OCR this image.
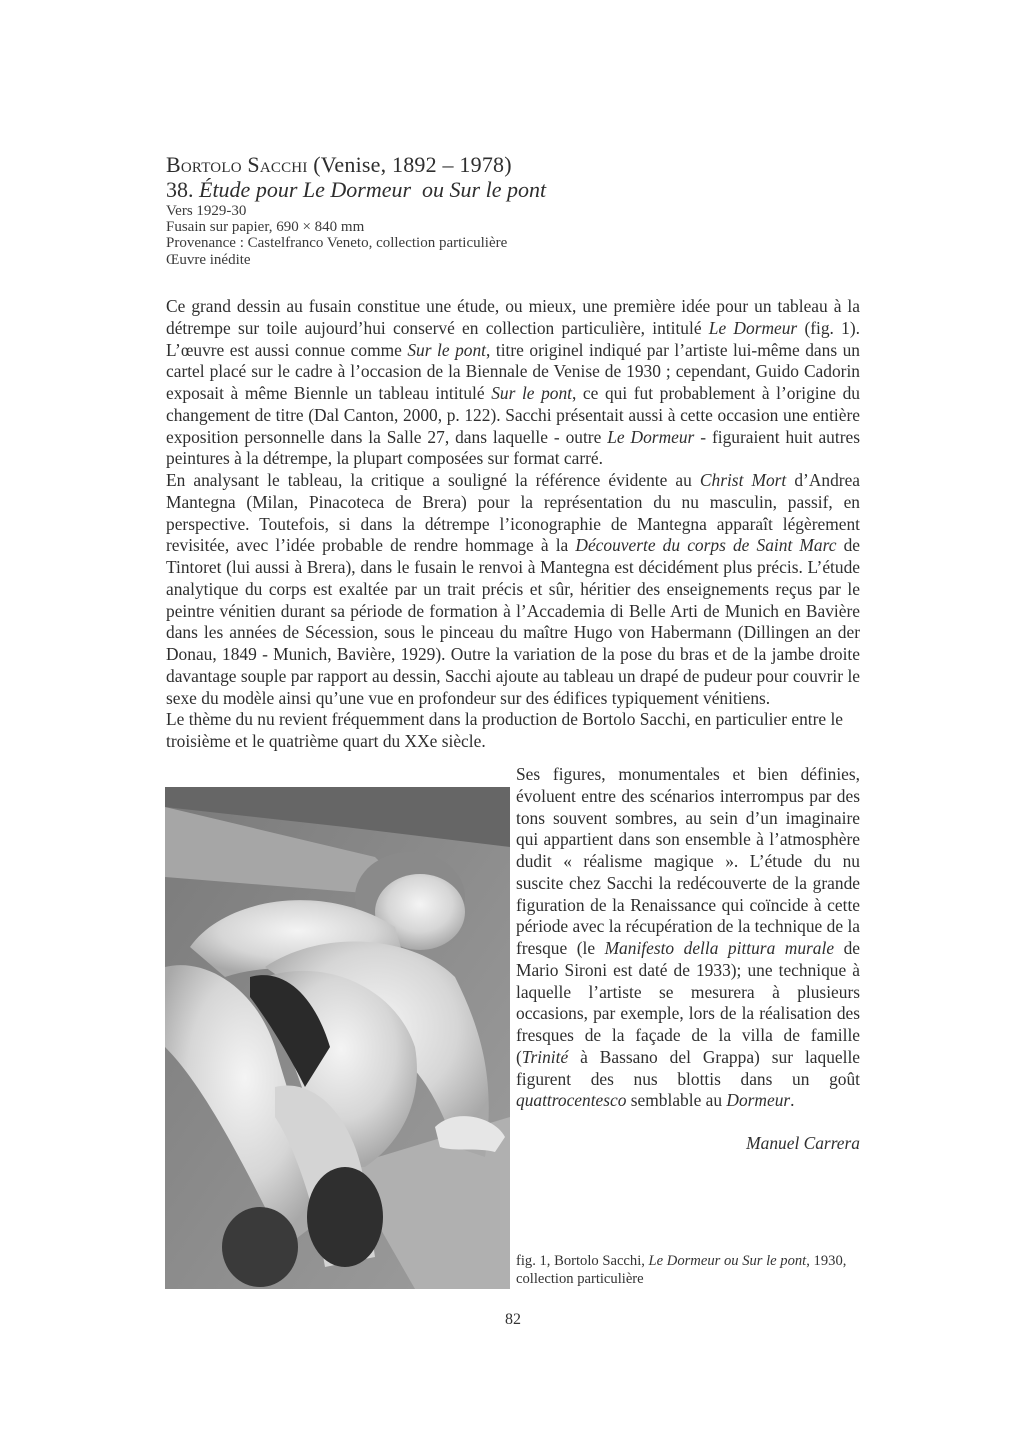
Bortolo Sacchi (Venise, 1892 – 1978)
38. Étude pour Le Dormeur  ou Sur le pont
Vers 1929-30
Fusain sur papier, 690 × 840 mm
Provenance : Castelfranco Veneto, collection particulière
Œuvre inédite

Ce grand dessin au fusain constitue une étude, ou mieux, une première idée pour un tableau à la détrempe sur toile aujourd’hui conservé en collection particulière, intitulé Le Dormeur (fig. 1). L’œuvre est aussi connue comme Sur le pont, titre originel indiqué par l’artiste lui-même dans un cartel placé sur le cadre à l’occasion de la Biennale de Venise de 1930 ; cependant, Guido Cadorin exposait à même Biennle un tableau intitulé Sur le pont, ce qui fut probablement à l’origine du changement de titre (Dal Canton, 2000, p. 122). Sacchi présentait aussi à cette occasion une entière exposition personnelle dans la Salle 27, dans laquelle - outre Le Dormeur - figuraient huit autres peintures à la détrempe, la plupart composées sur format carré.

En analysant le tableau, la critique a souligné la référence évidente au Christ Mort d’Andrea Mantegna (Milan, Pinacoteca de Brera) pour la représentation du nu masculin, passif, en perspective. Toutefois, si dans la détrempe l’iconographie de Mantegna apparaît légèrement revisitée, avec l’idée probable de rendre hommage à la Découverte du corps de Saint Marc de Tintoret (lui aussi à Brera), dans le fusain le renvoi à Mantegna est décidément plus précis. L’étude analytique du corps est exaltée par un trait précis et sûr, héritier des enseignements reçus par le peintre vénitien durant sa période de formation à l’Accademia di Belle Arti de Munich en Bavière dans les années de Sécession, sous le pinceau du maître Hugo von Habermann (Dillingen an der Donau, 1849 - Munich, Bavière, 1929). Outre la variation de la pose du bras et de la jambe droite davantage souple par rapport au dessin, Sacchi ajoute au tableau un drapé de pudeur pour couvrir le sexe du modèle ainsi qu’une vue en profondeur sur des édifices typiquement vénitiens.

Le thème du nu revient fréquemment dans la production de Bortolo Sacchi, en particulier entre le troisième et le quatrième quart du XXe siècle.

Ses figures, monumentales et bien définies, évoluent entre des scénarios interrompus par des tons souvent sombres, au sein d’un imaginaire qui appartient dans son ensemble à l’atmosphère dudit « réalisme magique ». L’étude du nu suscite chez Sacchi la redécouverte de la grande figuration de la Renaissance qui coïncide à cette période avec la récupération de la technique de la fresque (le Manifesto della pittura murale de Mario Sironi est daté de 1933); une technique à laquelle l’artiste se mesurera à plusieurs occasions, par exemple, lors de la réalisation des fresques de la façade de la villa de famille (Trinité à Bassano del Grappa) sur laquelle figurent des nus blottis dans un goût quattrocentesco semblable au Dormeur.

Manuel Carrera
fig. 1, Bortolo Sacchi, Le Dormeur ou Sur le pont, 1930, collection particulière
82
